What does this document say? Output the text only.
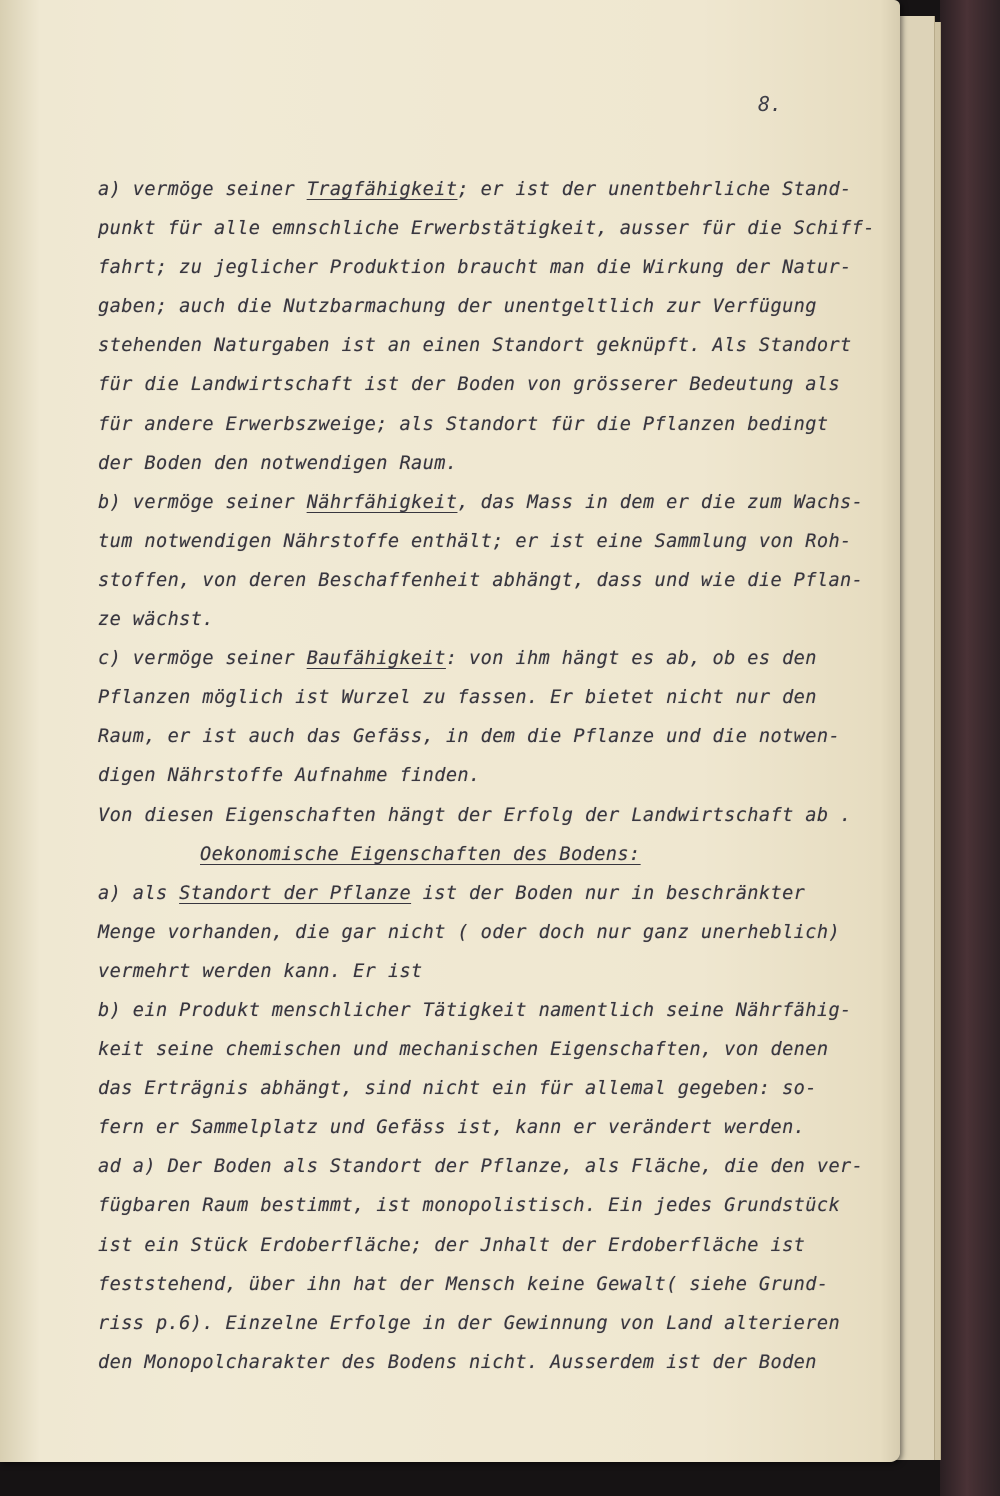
8.
a) vermöge seiner Tragfähigkeit; er ist der unentbehrliche Stand-
punkt für alle emnschliche Erwerbstätigkeit, ausser für die Schiff-
fahrt; zu jeglicher Produktion braucht man die Wirkung der Natur-
gaben; auch die Nutzbarmachung der unentgeltlich zur Verfügung
stehenden Naturgaben ist an einen Standort geknüpft. Als Standort
für die Landwirtschaft ist der Boden von grösserer Bedeutung als
für andere Erwerbszweige; als Standort für die Pflanzen bedingt
der Boden den notwendigen Raum.
b) vermöge seiner Nährfähigkeit, das Mass in dem er die zum Wachs-
tum notwendigen Nährstoffe enthält; er ist eine Sammlung von Roh-
stoffen, von deren Beschaffenheit abhängt, dass und wie die Pflan-
ze wächst.
c) vermöge seiner Baufähigkeit: von ihm hängt es ab, ob es den
Pflanzen möglich ist Wurzel zu fassen. Er bietet nicht nur den
Raum, er ist auch das Gefäss, in dem die Pflanze und die notwen-
digen Nährstoffe Aufnahme finden.
Von diesen Eigenschaften hängt der Erfolg der Landwirtschaft ab .
Oekonomische Eigenschaften des Bodens:
a) als Standort der Pflanze ist der Boden nur in beschränkter
Menge vorhanden, die gar nicht ( oder doch nur ganz unerheblich)
vermehrt werden kann. Er ist
b) ein Produkt menschlicher Tätigkeit namentlich seine Nährfähig-
keit seine chemischen und mechanischen Eigenschaften, von denen
das Erträgnis abhängt, sind nicht ein für allemal gegeben: so-
fern er Sammelplatz und Gefäss ist, kann er verändert werden.
ad a) Der Boden als Standort der Pflanze, als Fläche, die den ver-
fügbaren Raum bestimmt, ist monopolistisch. Ein jedes Grundstück
ist ein Stück Erdoberfläche; der Jnhalt der Erdoberfläche ist
feststehend, über ihn hat der Mensch keine Gewalt( siehe Grund-
riss p.6). Einzelne Erfolge in der Gewinnung von Land alterieren
den Monopolcharakter des Bodens nicht. Ausserdem ist der Boden
